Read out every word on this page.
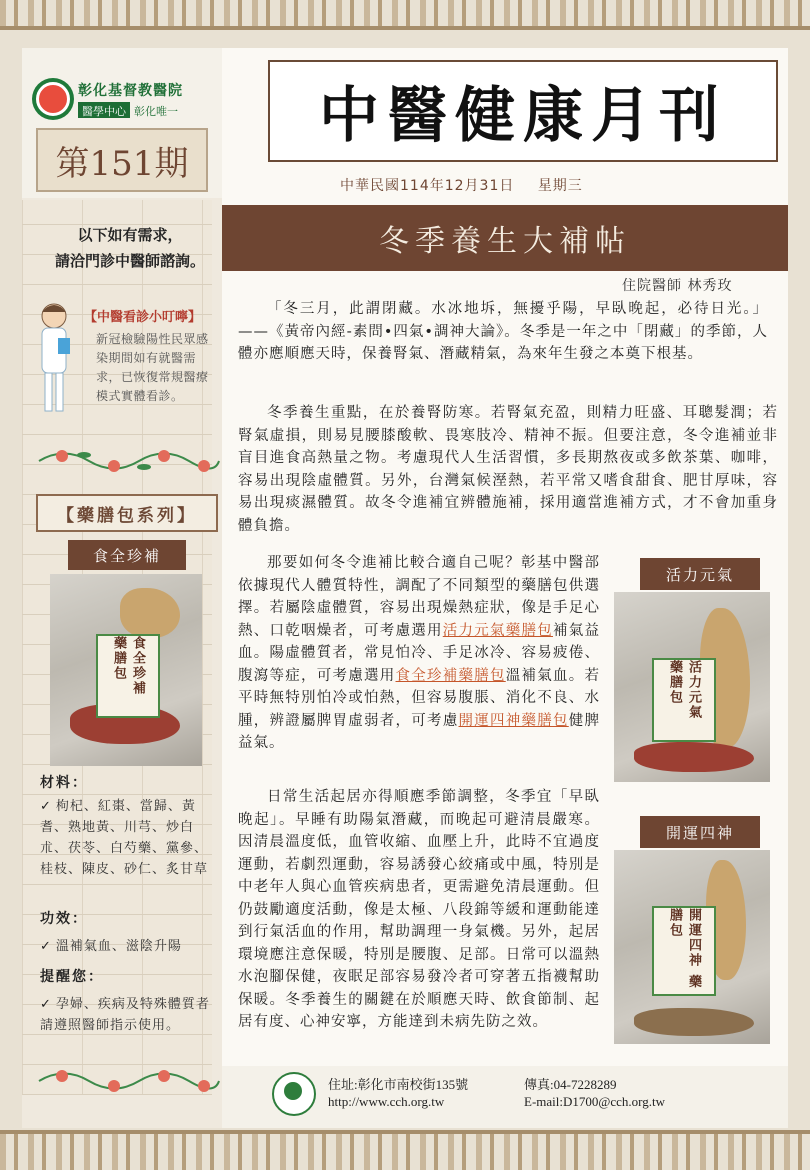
彰化基督教醫院
醫學中心 彰化唯一
第151期
以下如有需求，
請洽門診中醫師諮詢。
【中醫看診小叮嚀】
新冠檢驗陽性民眾感染期間如有就醫需求，已恢復常規醫療模式實體看診。
【藥膳包系列】
食全珍補
食全珍補 藥膳包
材料：
✓ 枸杞、紅棗、當歸、黃耆、熟地黃、川芎、炒白朮、茯苓、白芍藥、黨參、桂枝、陳皮、砂仁、炙甘草
功效：
✓ 溫補氣血、滋陰升陽
提醒您：
✓ 孕婦、疾病及特殊體質者請遵照醫師指示使用。
中醫健康月刊
中華民國114年12月31日 星期三
冬季養生大補帖
住院醫師 林秀玫

「冬三月，此謂閉藏。水冰地坼，無擾乎陽，早臥晚起，必待日光。」——《黃帝內經-素問•四氣•調神大論》。冬季是一年之中「閉藏」的季節，人體亦應順應天時，保養腎氣、潛藏精氣，為來年生發之本奠下根基。

冬季養生重點，在於養腎防寒。若腎氣充盈，則精力旺盛、耳聰髮潤；若腎氣虛損，則易見腰膝酸軟、畏寒肢冷、精神不振。但要注意，冬令進補並非盲目進食高熱量之物。考慮現代人生活習慣，多長期熬夜或多飲茶葉、咖啡，容易出現陰虛體質。另外，台灣氣候溼熱，若平常又嗜食甜食、肥甘厚味，容易出現痰濕體質。故冬令進補宜辨體施補，採用適當進補方式，才不會加重身體負擔。

那要如何冬令進補比較合適自己呢？彰基中醫部依據現代人體質特性，調配了不同類型的藥膳包供選擇。若屬陰虛體質，容易出現燥熱症狀，像是手足心熱、口乾咽燥者，可考慮選用活力元氣藥膳包補氣益血。陽虛體質者，常見怕冷、手足冰冷、容易疲倦、腹瀉等症，可考慮選用食全珍補藥膳包溫補氣血。若平時無特別怕冷或怕熱，但容易腹脹、消化不良、水腫，辨證屬脾胃虛弱者，可考慮開運四神藥膳包健脾益氣。

活力元氣
活力元氣 藥膳包

日常生活起居亦得順應季節調整，冬季宜「早臥晚起」。早睡有助陽氣潛藏，而晚起可避清晨嚴寒。因清晨溫度低，血管收縮、血壓上升，此時不宜過度運動，若劇烈運動，容易誘發心絞痛或中風，特別是中老年人與心血管疾病患者，更需避免清晨運動。但仍鼓勵適度活動，像是太極、八段錦等緩和運動能達到行氣活血的作用，幫助調理一身氣機。另外，起居環境應注意保暖，特別是腰腹、足部。日常可以溫熱水泡腳保健，夜眠足部容易發冷者可穿著五指襪幫助保暖。冬季養生的關鍵在於順應天時、飲食節制、起居有度、心神安寧，方能達到未病先防之效。

開運四神
開運四神 藥膳包
住址:彰化市南校街135號	傳真:04-7228289
http://www.cch.org.tw	E-mail:D1700@cch.org.tw
